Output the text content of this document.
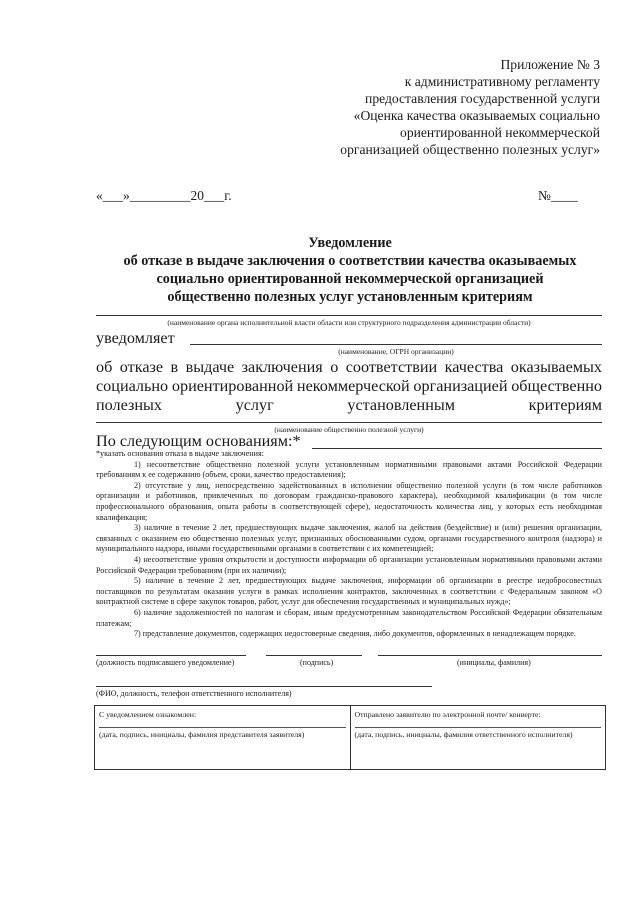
Приложение № 3
к административному регламенту
предоставления государственной услуги
«Оценка качества оказываемых социально
ориентированной некоммерческой
организацией общественно полезных услуг»
«___»_________20___г.	№____
Уведомление
об отказе в выдаче заключения о соответствии качества оказываемых
социально ориентированной некоммерческой организацией
общественно полезных услуг установленным критериям
(наименование органа исполнительной власти области или структурного подразделения администрации области)
уведомляет
(наименование, ОГРН организации)
об отказе в выдаче заключения о соответствии качества оказываемых
социально ориентированной некоммерческой организацией общественно
полезных	услуг	установленным	критериям
(наименование общественно полезной услуги)
По следующим основаниям:*

*указать основания отказа в выдаче заключения:

1) несоответствие общественно полезной услуги установленным нормативными правовыми актами Российской Федерации требованиям к ее содержанию (объем, сроки, качество предоставления);

2) отсутствие у лиц, непосредственно задействованных в исполнении общественно полезной услуги (в том числе работников организации и работников, привлеченных по договорам гражданско-правового характера), необходимой квалификации (в том числе профессионального образования, опыта работы в соответствующей сфере), недостаточность количества лиц, у которых есть необходимая квалификация;

3) наличие в течение 2 лет, предшествующих выдаче заключения, жалоб на действия (бездействие) и (или) решения организации, связанных с оказанием ею общественно полезных услуг, признанных обоснованными судом, органами государственного контроля (надзора) и муниципального надзора, иными государственными органами в соответствии с их компетенцией;

4) несоответствие уровня открытости и доступности информации об организации установленным нормативными правовыми актами Российской Федерации требованиям (при их наличии);

5) наличие в течение 2 лет, предшествующих выдаче заключения, информации об организации в реестре недобросовестных поставщиков по результатам оказания услуги в рамках исполнения контрактов, заключенных в соответствии с Федеральным законом «О контрактной системе в сфере закупок товаров, работ, услуг для обеспечения государственных и муниципальных нужд»;

6) наличие задолженностей по налогам и сборам, иным предусмотренным законодательством Российской Федерации обязательным платежам;

7) представление документов, содержащих недостоверные сведения, либо документов, оформленных в ненадлежащем порядке.

(должность подписавшего уведомление)	(подпись)	(инициалы, фамилия)
(ФИО, должность, телефон ответственного исполнителя)
С уведомлением ознакомлен:
(дата, подпись, инициалы, фамилия представителя заявителя)
Отправлено заявителю по электронной почте/ конверте:
(дата, подпись, инициалы, фамилия ответственного исполнителя)
